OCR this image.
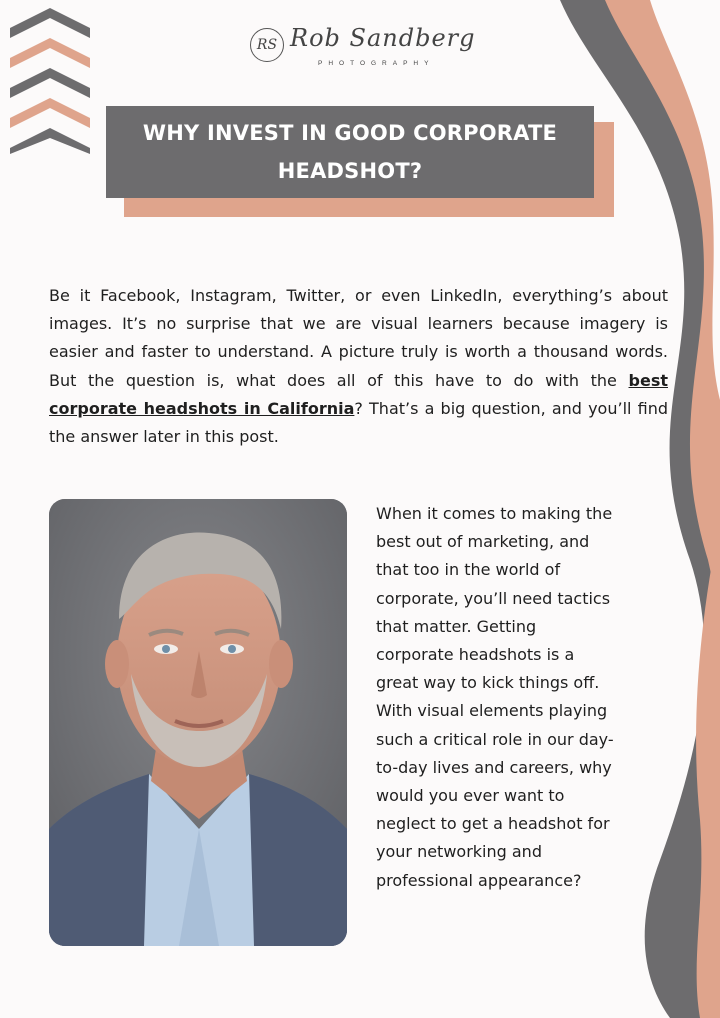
RS Rob Sandberg
PHOTOGRAPHY
WHY INVEST IN GOOD CORPORATE HEADSHOT?

Be it Facebook, Instagram, Twitter, or even LinkedIn, everything’s about images. It’s no surprise that we are visual learners because imagery is easier and faster to understand. A picture truly is worth a thousand words. But the question is, what does all of this have to do with the best corporate headshots in California? That’s a big question, and you’ll find the answer later in this post.

When it comes to making the best out of marketing, and that too in the world of corporate, you’ll need tactics that matter. Getting corporate headshots is a great way to kick things off. With visual elements playing such a critical role in our day-to-day lives and careers, why would you ever want to neglect to get a headshot for your networking and professional appearance?
